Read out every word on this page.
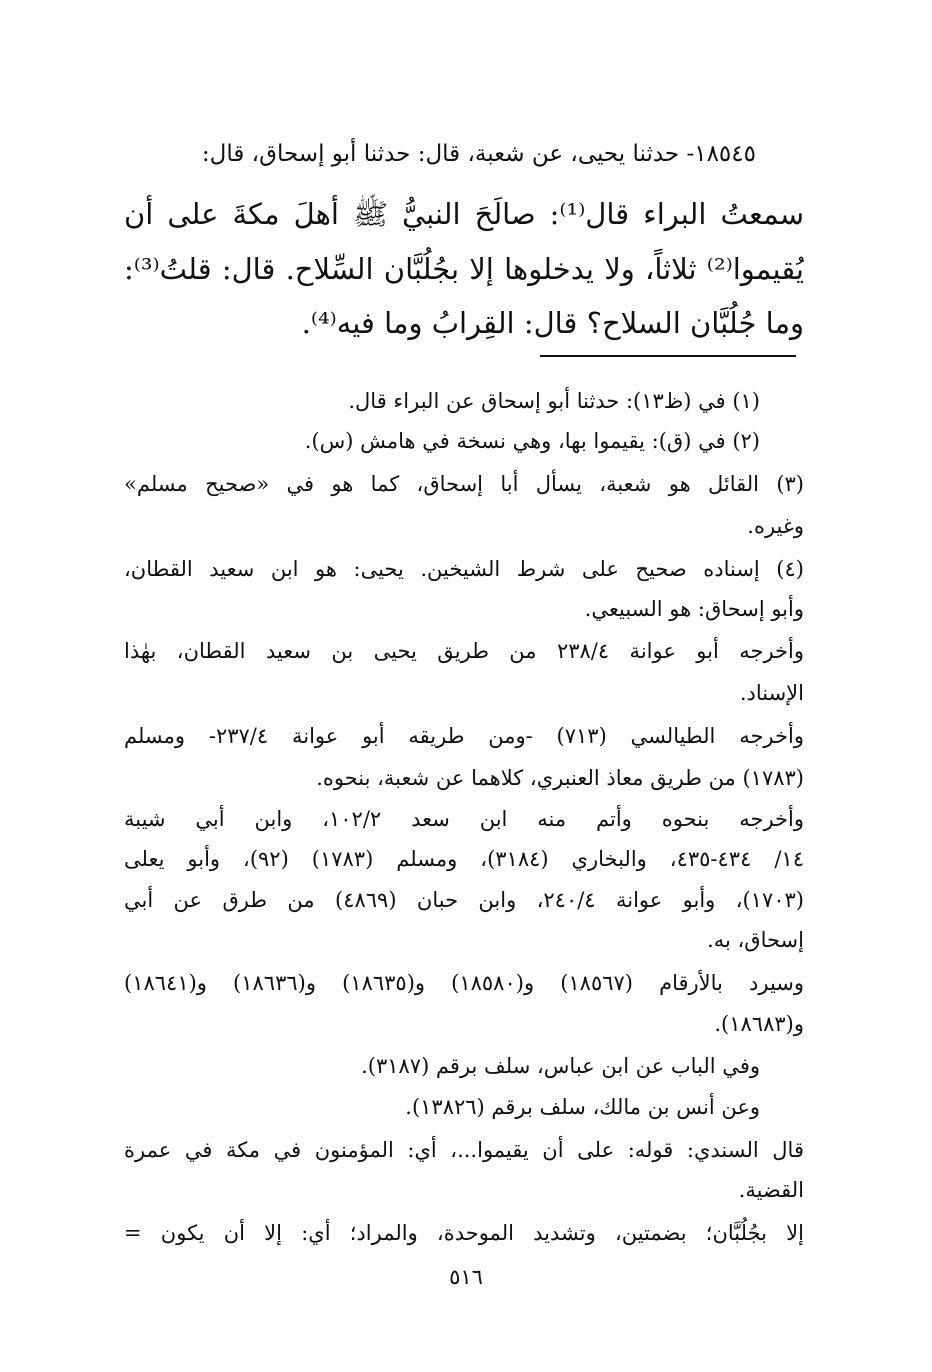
١٨٥٤٥- حدثنا يحيى، عن شعبة، قال: حدثنا أبو إسحاق، قال:
سمعتُ البراء قال⁽¹⁾: صالَحَ النبيُّ ﷺ أهلَ مكةَ على أن
يُقيموا⁽²⁾ ثلاثاً، ولا يدخلوها إلا بجُلُبَّان السِّلاح. قال: قلتُ⁽³⁾:
وما جُلُبَّان السلاح؟ قال: القِرابُ وما فيه⁽⁴⁾.
(١) في (ظ١٣): حدثنا أبو إسحاق عن البراء قال.
(٢) في (ق): يقيموا بها، وهي نسخة في هامش (س).
(٣) القائل هو شعبة، يسأل أبا إسحاق، كما هو في «صحيح مسلم»
وغيره.
(٤) إسناده صحيح على شرط الشيخين. يحيى: هو ابن سعيد القطان،
وأبو إسحاق: هو السبيعي.
وأخرجه أبو عوانة ٢٣٨/٤ من طريق يحيى بن سعيد القطان، بهٰذا
الإسناد.
وأخرجه الطيالسي (٧١٣) -ومن طريقه أبو عوانة ٢٣٧/٤- ومسلم
(١٧٨٣) من طريق معاذ العنبري، كلاهما عن شعبة، بنحوه.
وأخرجه بنحوه وأتم منه ابن سعد ١٠٢/٢، وابن أبي شيبة
١٤/ ٤٣٤-٤٣٥، والبخاري (٣١٨٤)، ومسلم (١٧٨٣) (٩٢)، وأبو يعلى
(١٧٠٣)، وأبو عوانة ٢٤٠/٤، وابن حبان (٤٨٦٩) من طرق عن أبي
إسحاق، به.
وسيرد بالأرقام (١٨٥٦٧) و(١٨٥٨٠) و(١٨٦٣٥) و(١٨٦٣٦) و(١٨٦٤١)
و(١٨٦٨٣).
وفي الباب عن ابن عباس، سلف برقم (٣١٨٧).
وعن أنس بن مالك، سلف برقم (١٣٨٢٦).
قال السندي: قوله: على أن يقيموا...، أي: المؤمنون في مكة في عمرة
القضية.
إلا بجُلُبَّان؛ بضمتين، وتشديد الموحدة، والمراد؛ أي: إلا أن يكون =
٥١٦
